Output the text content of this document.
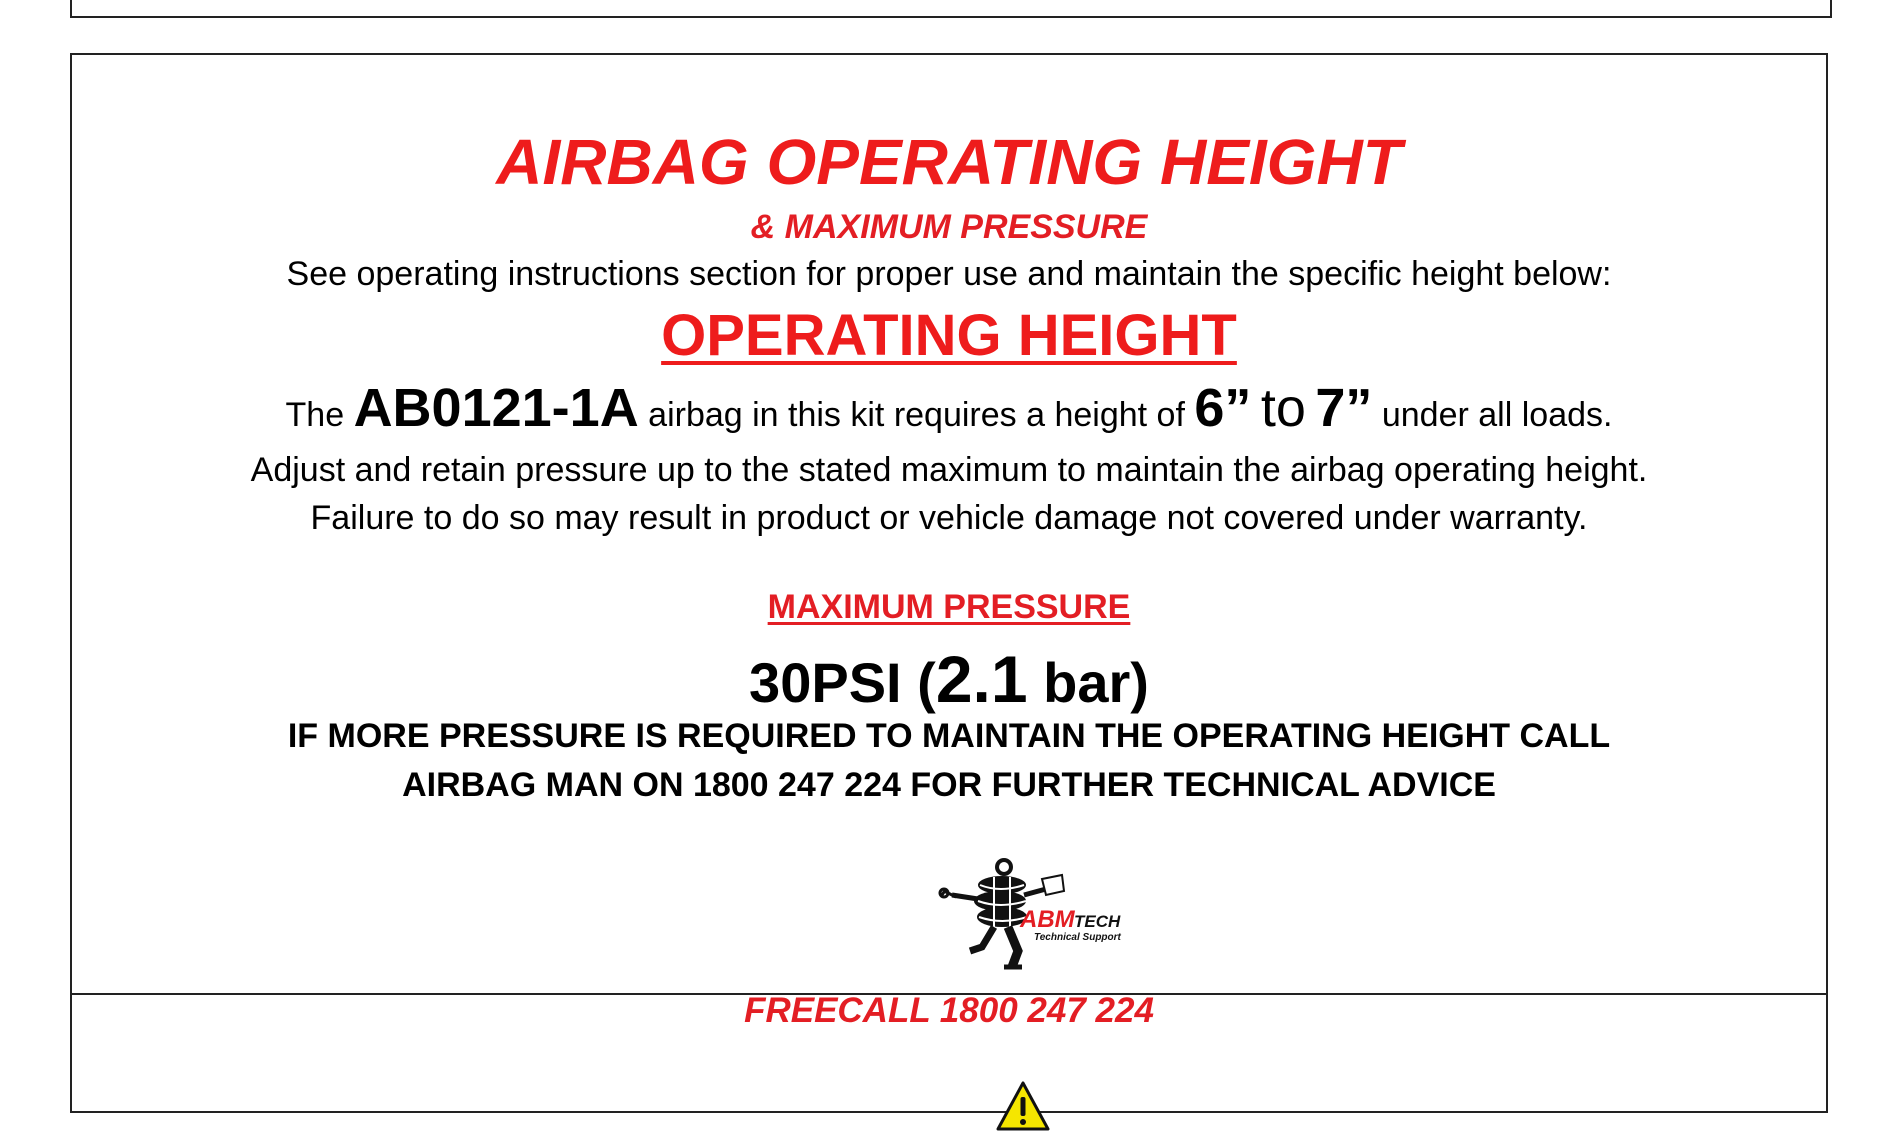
AIRBAG OPERATING HEIGHT
& MAXIMUM PRESSURE
See operating instructions section for proper use and maintain the specific height below:
OPERATING HEIGHT
The AB0121-1A airbag in this kit requires a height of 6” to 7” under all loads.
Adjust and retain pressure up to the stated maximum to maintain the airbag operating height.
Failure to do so may result in product or vehicle damage not covered under warranty.
MAXIMUM PRESSURE
30PSI (2.1 bar)
IF MORE PRESSURE IS REQUIRED TO MAINTAIN THE OPERATING HEIGHT CALL
AIRBAG MAN ON 1800 247 224 FOR FURTHER TECHNICAL ADVICE
ABM TECH
Technical Support
FREECALL 1800 247 224
